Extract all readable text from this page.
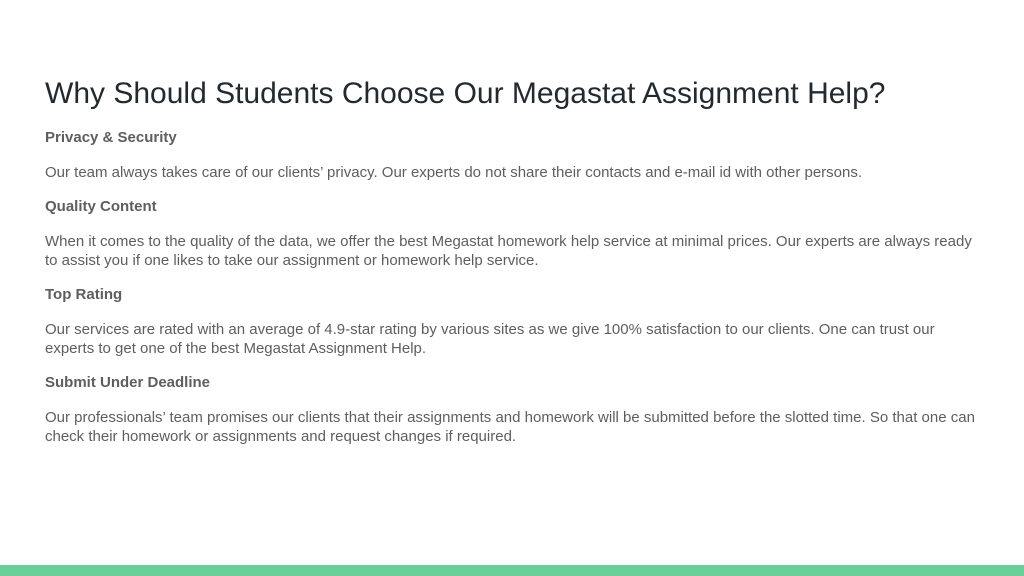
Why Should Students Choose Our Megastat Assignment Help?
Privacy & Security
Our team always takes care of our clients’ privacy. Our experts do not share their contacts and e-mail id with other persons.
Quality Content
When it comes to the quality of the data, we offer the best Megastat homework help service at minimal prices. Our experts are always ready to assist you if one likes to take our assignment or homework help service.
Top Rating
Our services are rated with an average of 4.9-star rating by various sites as we give 100% satisfaction to our clients. One can trust our experts to get one of the best Megastat Assignment Help.
Submit Under Deadline
Our professionals’ team promises our clients that their assignments and homework will be submitted before the slotted time. So that one can check their homework or assignments and request changes if required.
